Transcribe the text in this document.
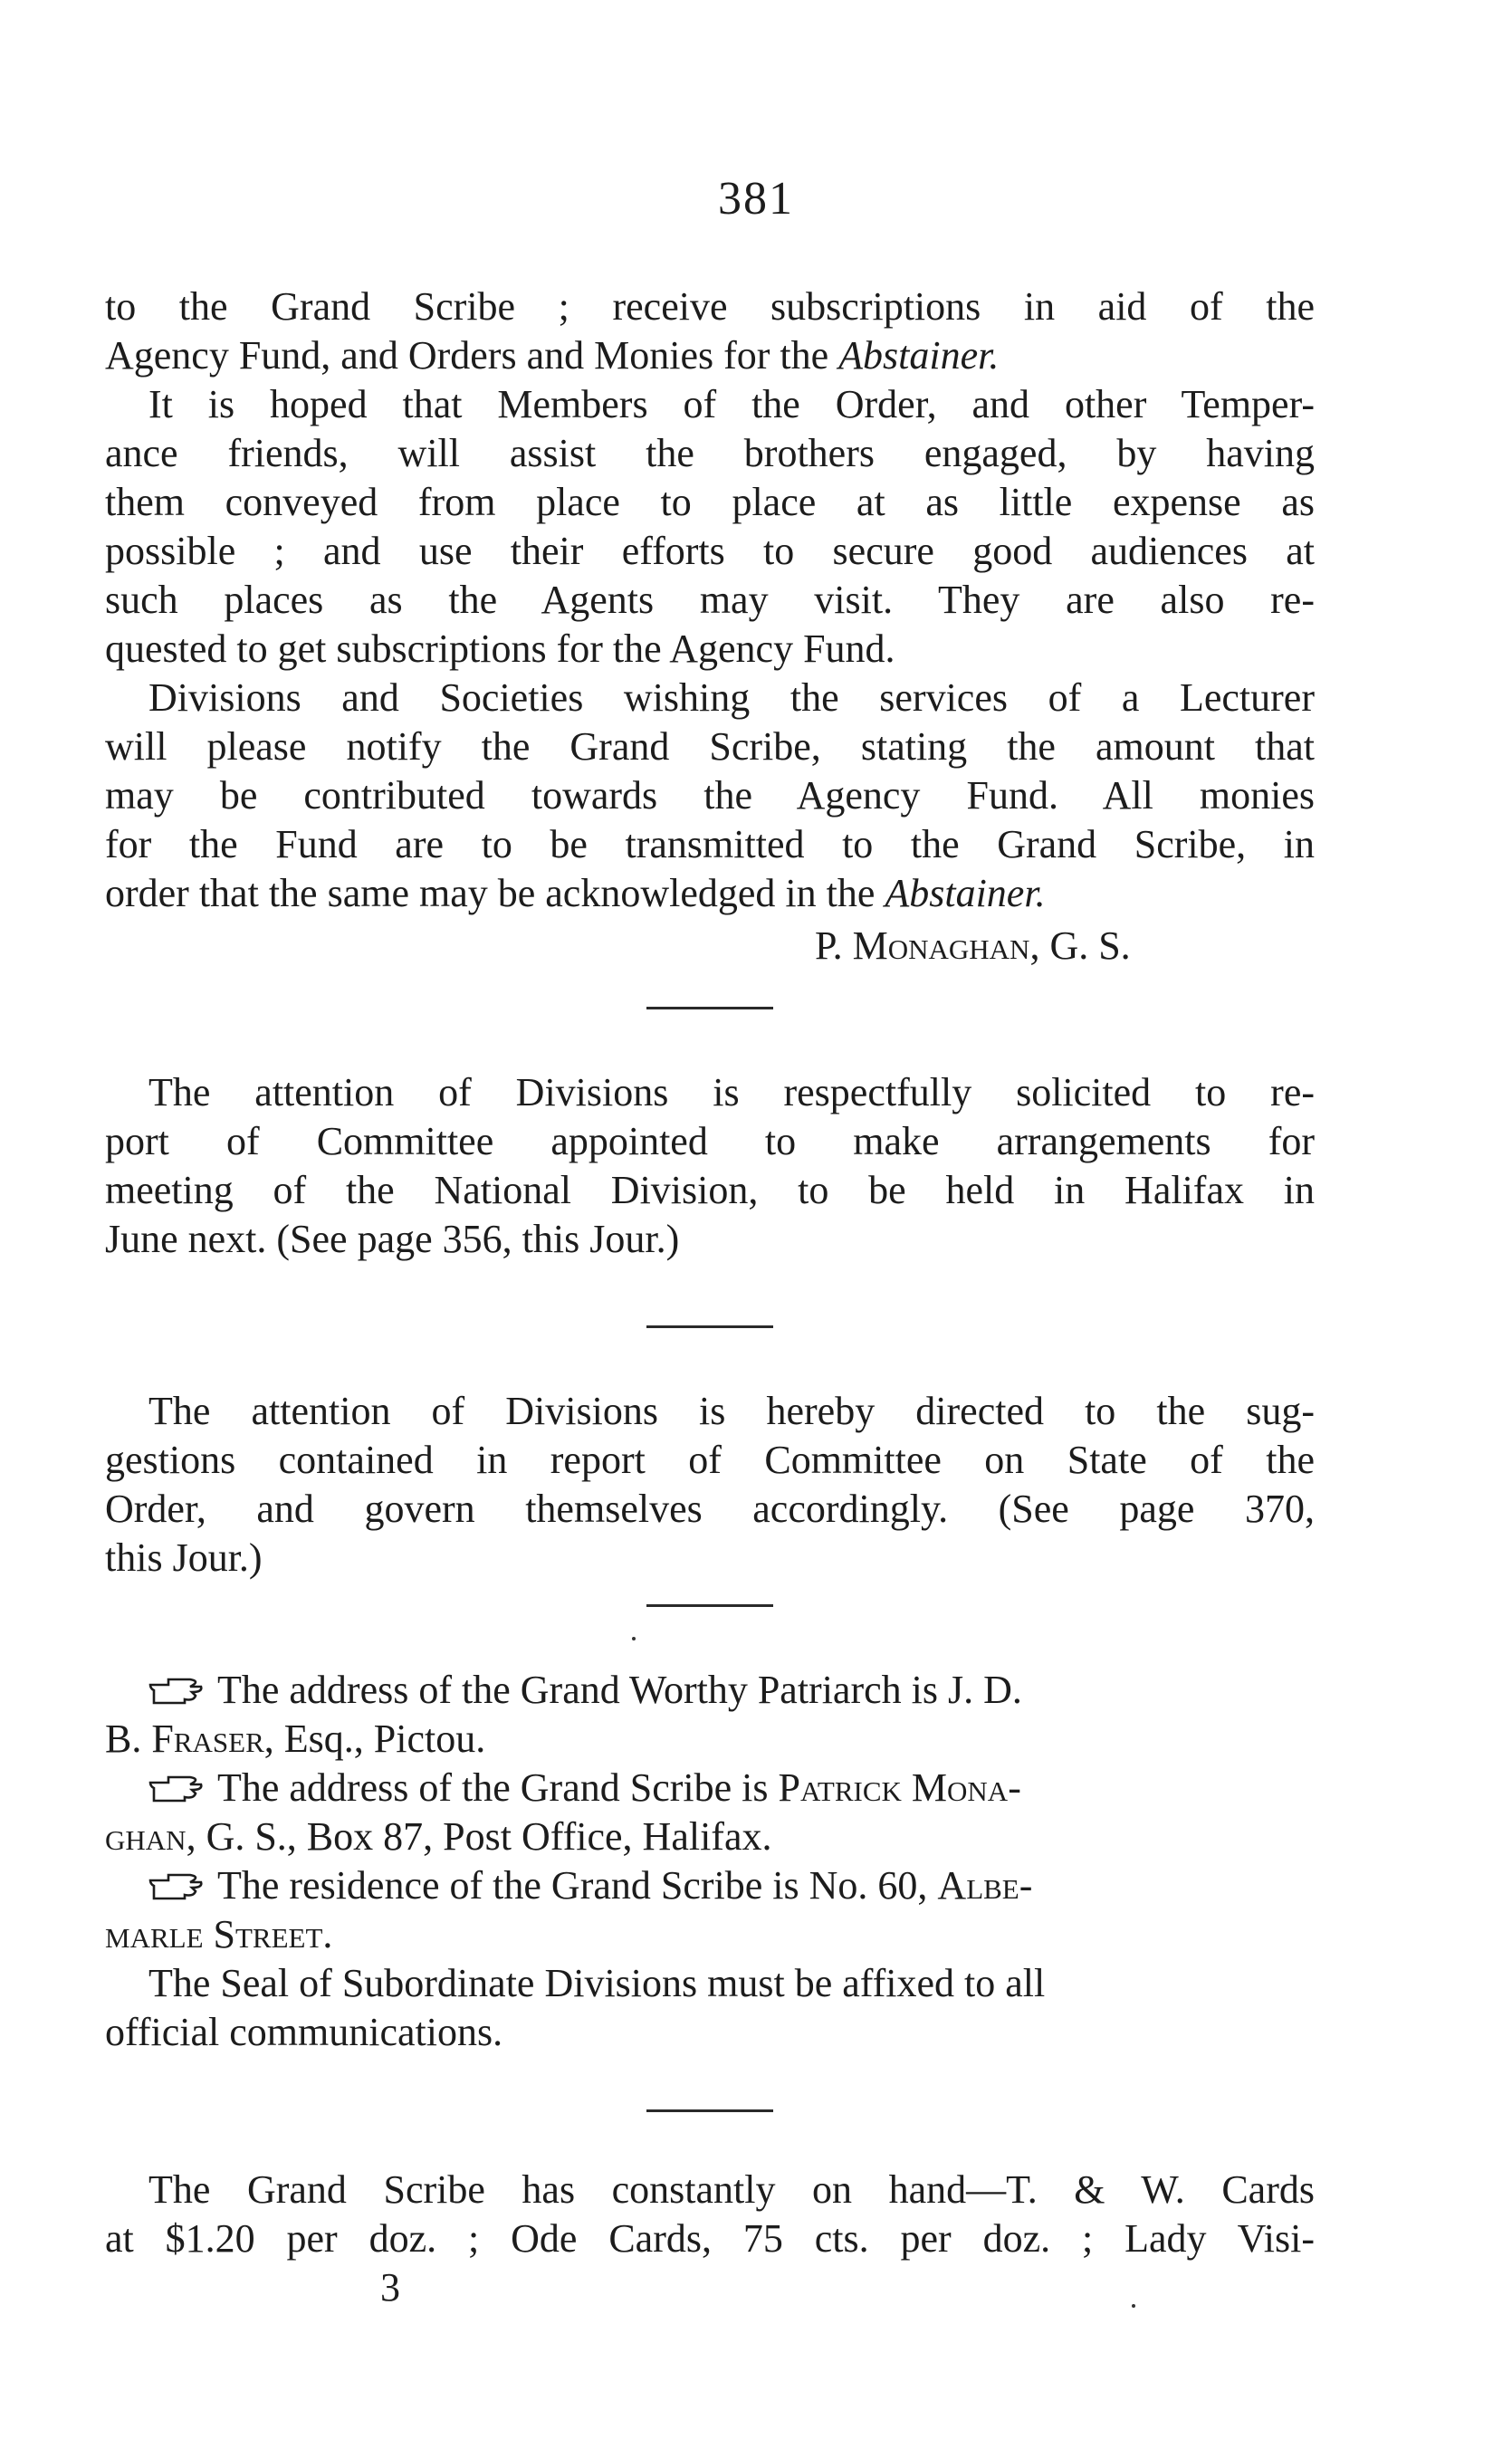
381
to the Grand Scribe ; receive subscriptions in aid of the
Agency Fund, and Orders and Monies for the Abstainer.
It is hoped that Members of the Order, and other Temper-
ance friends, will assist the brothers engaged, by having
them conveyed from place to place at as little expense as
possible ; and use their efforts to secure good audiences at
such places as the Agents may visit. They are also re-
quested to get subscriptions for the Agency Fund.
Divisions and Societies wishing the services of a Lecturer
will please notify the Grand Scribe, stating the amount that
may be contributed towards the Agency Fund. All monies
for the Fund are to be transmitted to the Grand Scribe, in
order that the same may be acknowledged in the Abstainer.
P. Monaghan, G. S.
The attention of Divisions is respectfully solicited to re-
port of Committee appointed to make arrangements for
meeting of the National Division, to be held in Halifax in
June next. (See page 356, this Jour.)
The attention of Divisions is hereby directed to the sug-
gestions contained in report of Committee on State of the
Order, and govern themselves accordingly. (See page 370,
this Jour.)
The address of the Grand Worthy Patriarch is J. D.
B. Fraser, Esq., Pictou.
The address of the Grand Scribe is Patrick Mona-
ghan, G. S., Box 87, Post Office, Halifax.
The residence of the Grand Scribe is No. 60, Albe-
marle Street.
The Seal of Subordinate Divisions must be affixed to all
official communications.
The Grand Scribe has constantly on hand—T. & W. Cards
at $1.20 per doz. ; Ode Cards, 75 cts. per doz. ; Lady Visi-
3
